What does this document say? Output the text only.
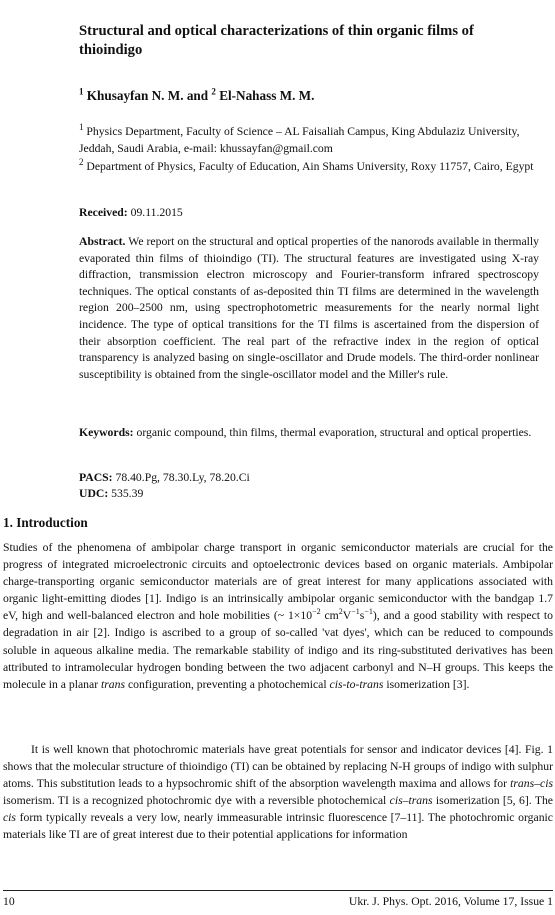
Structural and optical characterizations of thin organic films of thioindigo
$^1$ Khusayfan N. M. and $^2$ El-Nahass M. M.
$^1$ Physics Department, Faculty of Science – AL Faisaliah Campus, King Abdulaziz University, Jeddah, Saudi Arabia, e-mail: khussayfan@gmail.com
$^2$ Department of Physics, Faculty of Education, Ain Shams University, Roxy 11757, Cairo, Egypt
Received: 09.11.2015
Abstract. We report on the structural and optical properties of the nanorods available in thermally evaporated thin films of thioindigo (TI). The structural features are investigated using X-ray diffraction, transmission electron microscopy and Fourier-transform infrared spectroscopy techniques. The optical constants of as-deposited thin TI films are determined in the wavelength region 200–2500 nm, using spectrophotometric measurements for the nearly normal light incidence. The type of optical transitions for the TI films is ascertained from the dispersion of their absorption coefficient. The real part of the refractive index in the region of optical transparency is analyzed basing on single-oscillator and Drude models. The third-order nonlinear susceptibility is obtained from the single-oscillator model and the Miller's rule.
Keywords: organic compound, thin films, thermal evaporation, structural and optical properties.
PACS: 78.40.Pg, 78.30.Ly, 78.20.Ci
UDC: 535.39
1. Introduction
Studies of the phenomena of ambipolar charge transport in organic semiconductor materials are crucial for the progress of integrated microelectronic circuits and optoelectronic devices based on organic materials. Ambipolar charge-transporting organic semiconductor materials are of great interest for many applications associated with organic light-emitting diodes [1]. Indigo is an intrinsically ambipolar organic semiconductor with the bandgap 1.7 eV, high and well-balanced electron and hole mobilities (~ $1\times 10^{-2}$ $cm^2V^{-1}s^{-1}$), and a good stability with respect to degradation in air [2]. Indigo is ascribed to a group of so-called 'vat dyes', which can be reduced to compounds soluble in aqueous alkaline media. The remarkable stability of indigo and its ring-substituted derivatives has been attributed to intramolecular hydrogen bonding between the two adjacent carbonyl and N–H groups. This keeps the molecule in a planar trans configuration, preventing a photochemical cis-to-trans isomerization [3].
It is well known that photochromic materials have great potentials for sensor and indicator devices [4]. Fig. 1 shows that the molecular structure of thioindigo (TI) can be obtained by replacing N-H groups of indigo with sulphur atoms. This substitution leads to a hypsochromic shift of the absorption wavelength maxima and allows for trans–cis isomerism. TI is a recognized photochromic dye with a reversible photochemical cis–trans isomerization [5, 6]. The cis form typically reveals a very low, nearly immeasurable intrinsic fluorescence [7–11]. The photochromic organic materials like TI are of great interest due to their potential applications for information
10	Ukr. J. Phys. Opt. 2016, Volume 17, Issue 1
